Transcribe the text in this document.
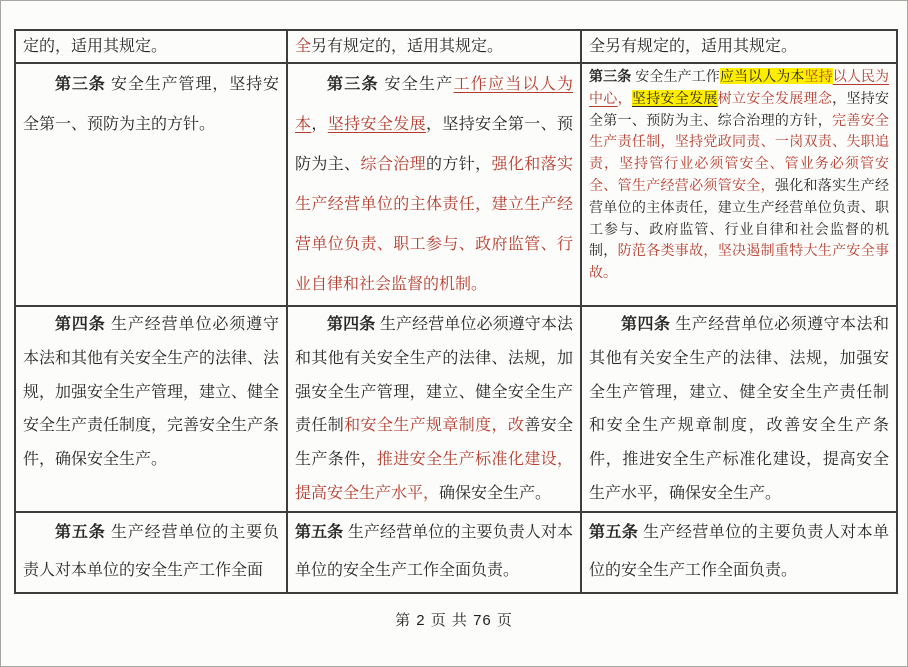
定的，适用其规定。	全另有规定的，适用其规定。	全另有规定的，适用其规定。
第三条 安全生产管理，坚持安全第一、预防为主的方针。	第三条 安全生产工作应当以人为本，坚持安全发展，坚持安全第一、预防为主、综合治理的方针，强化和落实生产经营单位的主体责任，建立生产经营单位负责、职工参与、政府监管、行业自律和社会监督的机制。	第三条 安全生产工作应当以人为本坚持以人民为中心，坚持安全发展树立安全发展理念，坚持安全第一、预防为主、综合治理的方针，完善安全生产责任制，坚持党政同责、一岗双责、失职追责，坚持管行业必须管安全、管业务必须管安全、管生产经营必须管安全，强化和落实生产经营单位的主体责任，建立生产经营单位负责、职工参与、政府监管、行业自律和社会监督的机制，防范各类事故，坚决遏制重特大生产安全事故。
第四条 生产经营单位必须遵守本法和其他有关安全生产的法律、法规，加强安全生产管理，建立、健全安全生产责任制度，完善安全生产条件，确保安全生产。	第四条 生产经营单位必须遵守本法和其他有关安全生产的法律、法规，加强安全生产管理，建立、健全安全生产责任制和安全生产规章制度，改善安全生产条件，推进安全生产标准化建设，提高安全生产水平，确保安全生产。	第四条 生产经营单位必须遵守本法和其他有关安全生产的法律、法规，加强安全生产管理，建立、健全安全生产责任制和安全生产规章制度，改善安全生产条件，推进安全生产标准化建设，提高安全生产水平，确保安全生产。
第五条 生产经营单位的主要负责人对本单位的安全生产工作全面	第五条 生产经营单位的主要负责人对本单位的安全生产工作全面负责。	第五条 生产经营单位的主要负责人对本单位的安全生产工作全面负责。
第 2 页 共 76 页
